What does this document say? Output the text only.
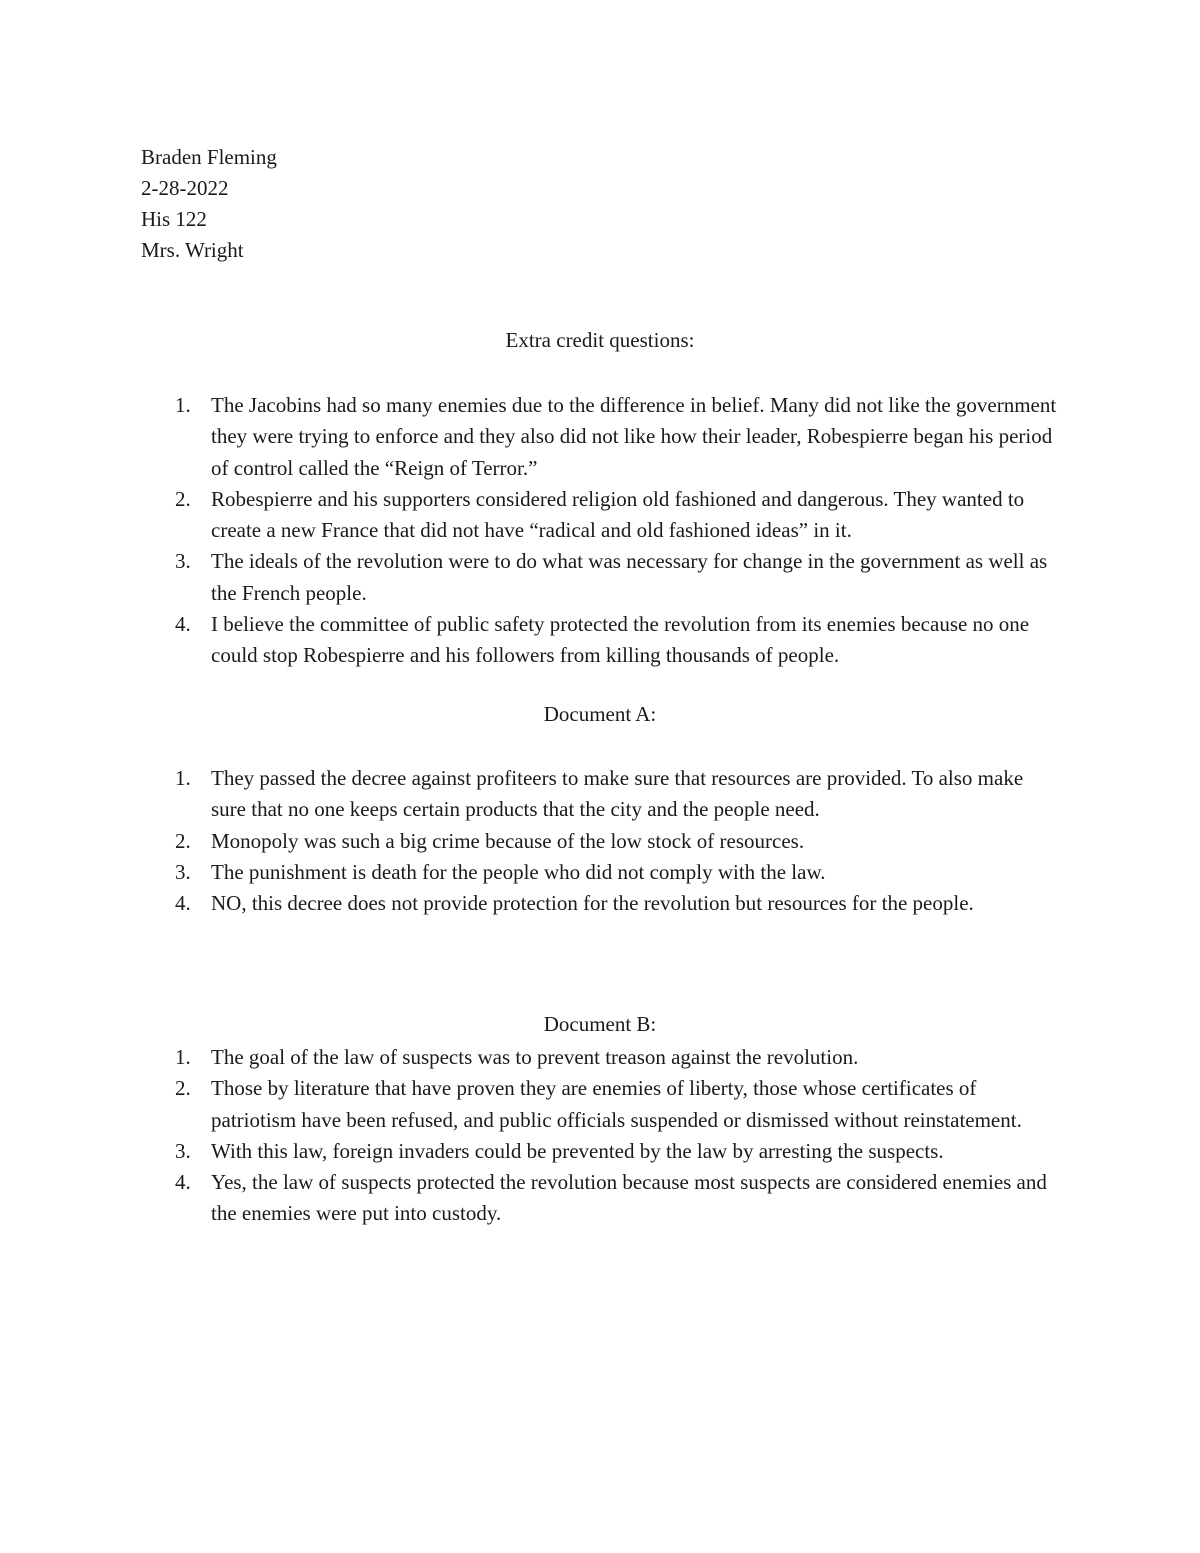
Braden Fleming
2-28-2022
His 122
Mrs. Wright
Extra credit questions:
1. The Jacobins had so many enemies due to the difference in belief. Many did not like the government they were trying to enforce and they also did not like how their leader, Robespierre began his period of control called the “Reign of Terror.”
2. Robespierre and his supporters considered religion old fashioned and dangerous. They wanted to create a new France that did not have “radical and old fashioned ideas” in it.
3. The ideals of the revolution were to do what was necessary for change in the government as well as the French people.
4. I believe the committee of public safety protected the revolution from its enemies because no one could stop Robespierre and his followers from killing thousands of people.
Document A:
1. They passed the decree against profiteers to make sure that resources are provided. To also make sure that no one keeps certain products that the city and the people need.
2. Monopoly was such a big crime because of the low stock of resources.
3. The punishment is death for the people who did not comply with the law.
4. NO, this decree does not provide protection for the revolution but resources for the people.
Document B:
1. The goal of the law of suspects was to prevent treason against the revolution.
2. Those by literature that have proven they are enemies of liberty, those whose certificates of patriotism have been refused, and public officials suspended or dismissed without reinstatement.
3. With this law, foreign invaders could be prevented by the law by arresting the suspects.
4. Yes, the law of suspects protected the revolution because most suspects are considered enemies and the enemies were put into custody.
